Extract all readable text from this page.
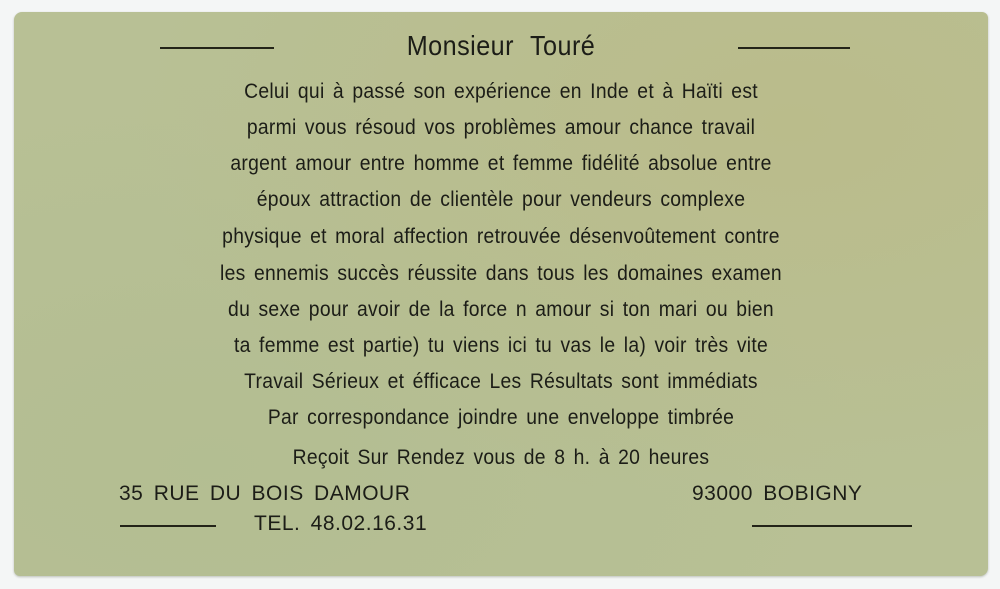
Monsieur Touré
Celui qui à passé son expérience en Inde et à Haïti est
parmi vous résoud vos problèmes amour chance travail
argent amour entre homme et femme fidélité absolue entre
époux attraction de clientèle pour vendeurs complexe
physique et moral affection retrouvée désenvoûtement contre
les ennemis succès réussite dans tous les domaines examen
du sexe pour avoir de la force n amour si ton mari ou bien
ta femme est partie) tu viens ici tu vas le la) voir très vite
Travail Sérieux et éfficace Les Résultats sont immédiats
Par correspondance joindre une enveloppe timbrée
Reçoit Sur Rendez vous de 8 h. à 20 heures
35 RUE DU BOIS DAMOUR	93000 BOBIGNY
TEL. 48.02.16.31
